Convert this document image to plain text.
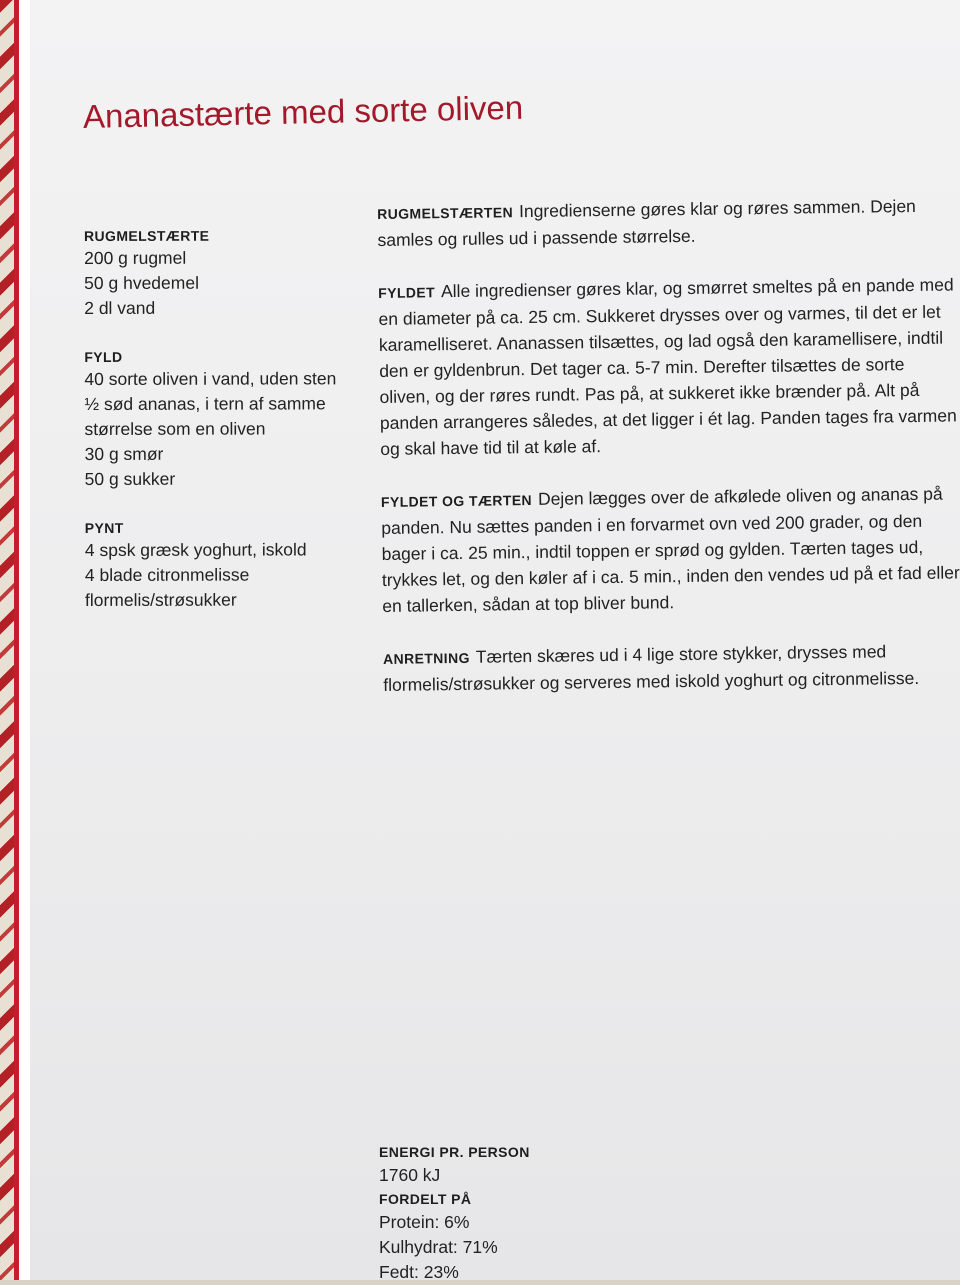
Ananastærte med sorte oliven

RUGMELSTÆRTE

200 g rugmel

50 g hvedemel

2 dl vand

FYLD

40 sorte oliven i vand, uden sten

½ sød ananas, i tern af samme størrelse som en oliven

30 g smør

50 g sukker

PYNT

4 spsk græsk yoghurt, iskold

4 blade citronmelisse

flormelis/strøsukker

RUGMELSTÆRTEN Ingredienserne gøres klar og røres sammen. Dejen samles og rulles ud i passende størrelse.

FYLDET Alle ingredienser gøres klar, og smørret smeltes på en pande med en diameter på ca. 25 cm. Sukkeret drysses over og varmes, til det er let karamelliseret. Ananassen tilsættes, og lad også den karamellisere, indtil den er gyldenbrun. Det tager ca. 5-7 min. Derefter tilsættes de sorte oliven, og der røres rundt. Pas på, at sukkeret ikke brænder på. Alt på panden arrangeres således, at det ligger i ét lag. Panden tages fra varmen og skal have tid til at køle af.

FYLDET OG TÆRTEN Dejen lægges over de afkølede oliven og ananas på panden. Nu sættes panden i en forvarmet ovn ved 200 grader, og den bager i ca. 25 min., indtil toppen er sprød og gylden. Tærten tages ud, trykkes let, og den køler af i ca. 5 min., inden den vendes ud på et fad eller en tallerken, sådan at top bliver bund.

ANRETNING Tærten skæres ud i 4 lige store stykker, drysses med flormelis/strøsukker og serveres med iskold yoghurt og citronmelisse.

ENERGI PR. PERSON

1760 kJ

FORDELT PÅ

Protein: 6%

Kulhydrat: 71%

Fedt: 23%
